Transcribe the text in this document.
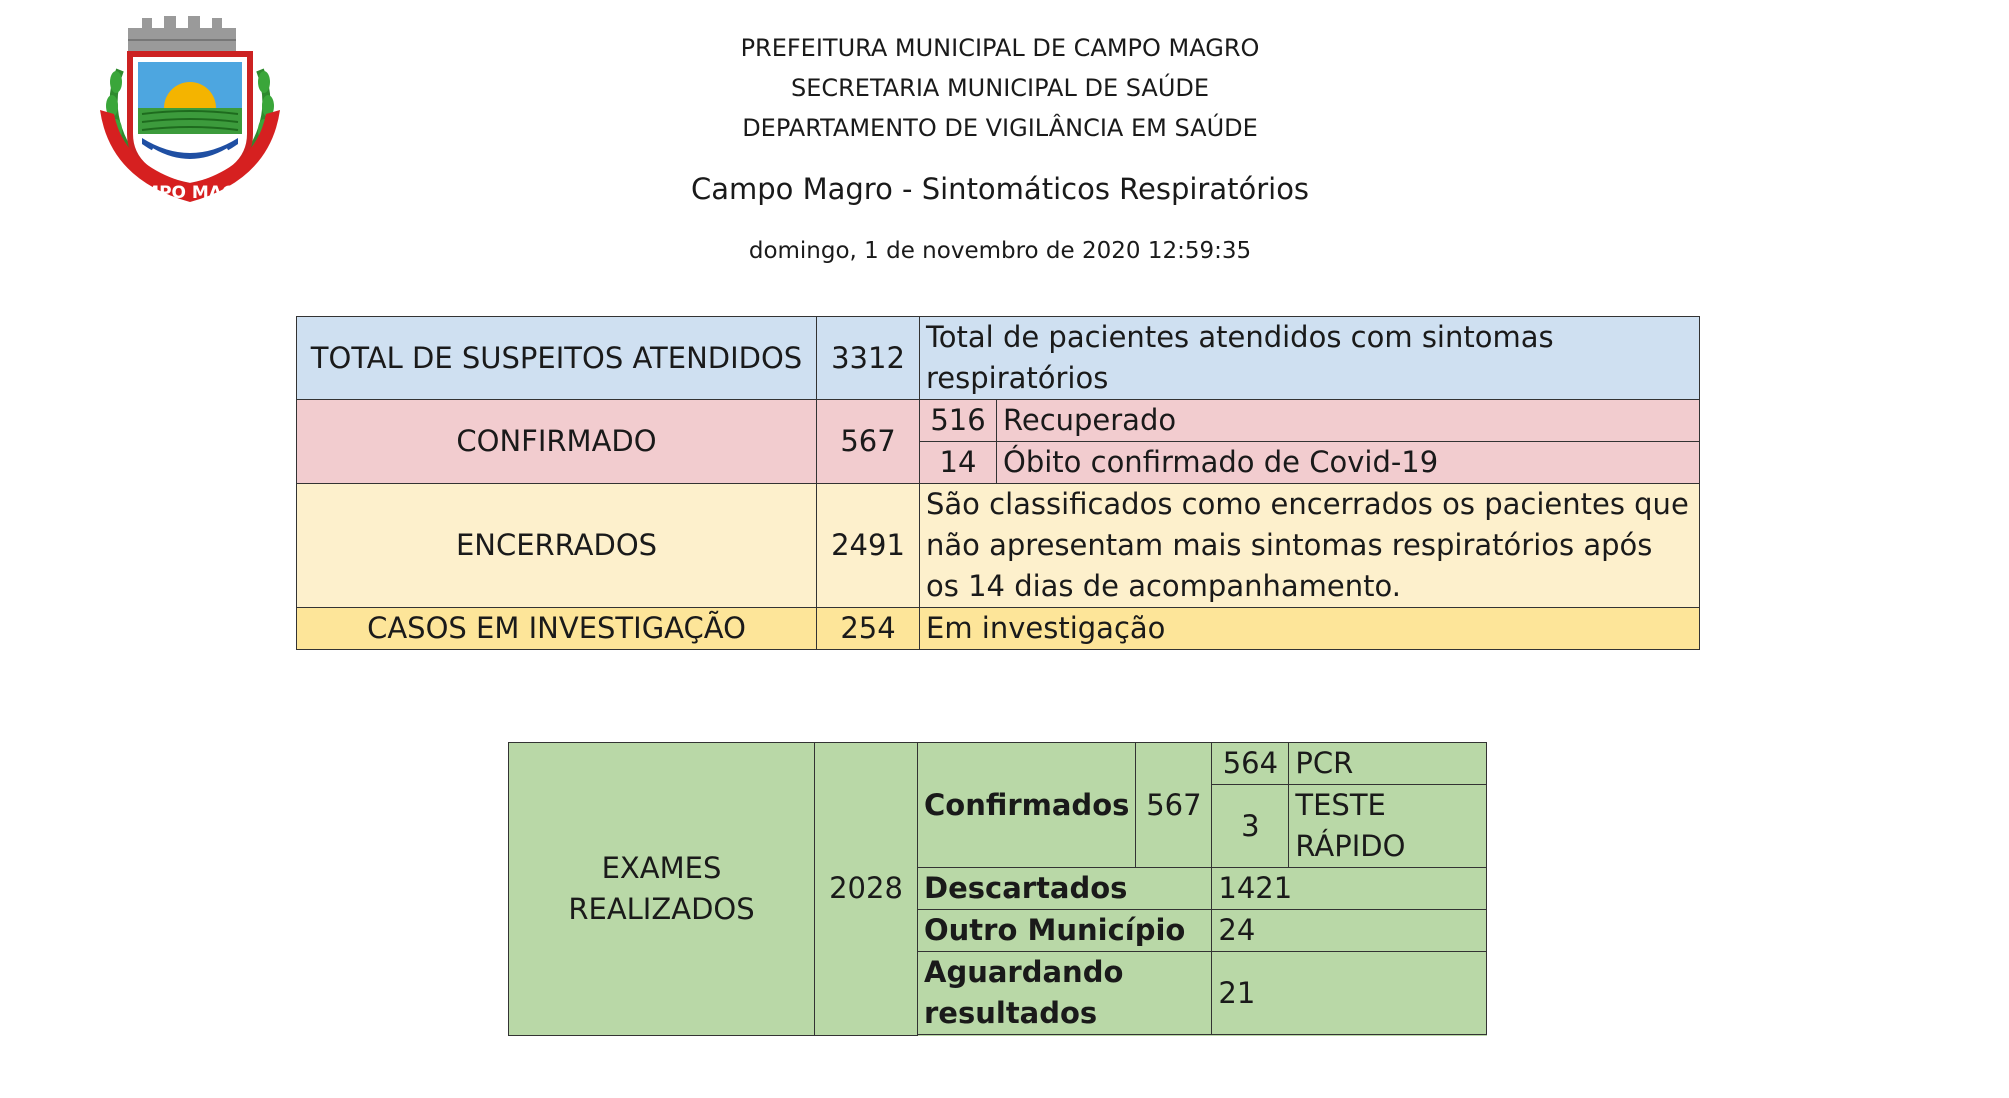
CAMPO MAGRO
PREFEITURA MUNICIPAL DE CAMPO MAGRO
SECRETARIA MUNICIPAL DE SAÚDE
DEPARTAMENTO DE VIGILÂNCIA EM SAÚDE
Campo Magro - Sintomáticos Respiratórios
domingo, 1 de novembro de 2020 12:59:35
TOTAL DE SUSPEITOS ATENDIDOS	3312	Total de pacientes atendidos com sintomas respiratórios	
CONFIRMADO	567	516	Recuperado
		14	Óbito confirmado de Covid-19
ENCERRADOS	2491	São classificados como encerrados os pacientes que não apresentam mais sintomas respiratórios após os 14 dias de acompanhamento.	
CASOS EM INVESTIGAÇÃO	254	Em investigação	
EXAMES REALIZADOS	2028	Confirmados	567	564	PCR
				3	TESTE RÁPIDO
		Descartados		1421	
		Outro Município		24	
		Aguardando resultados		21	
